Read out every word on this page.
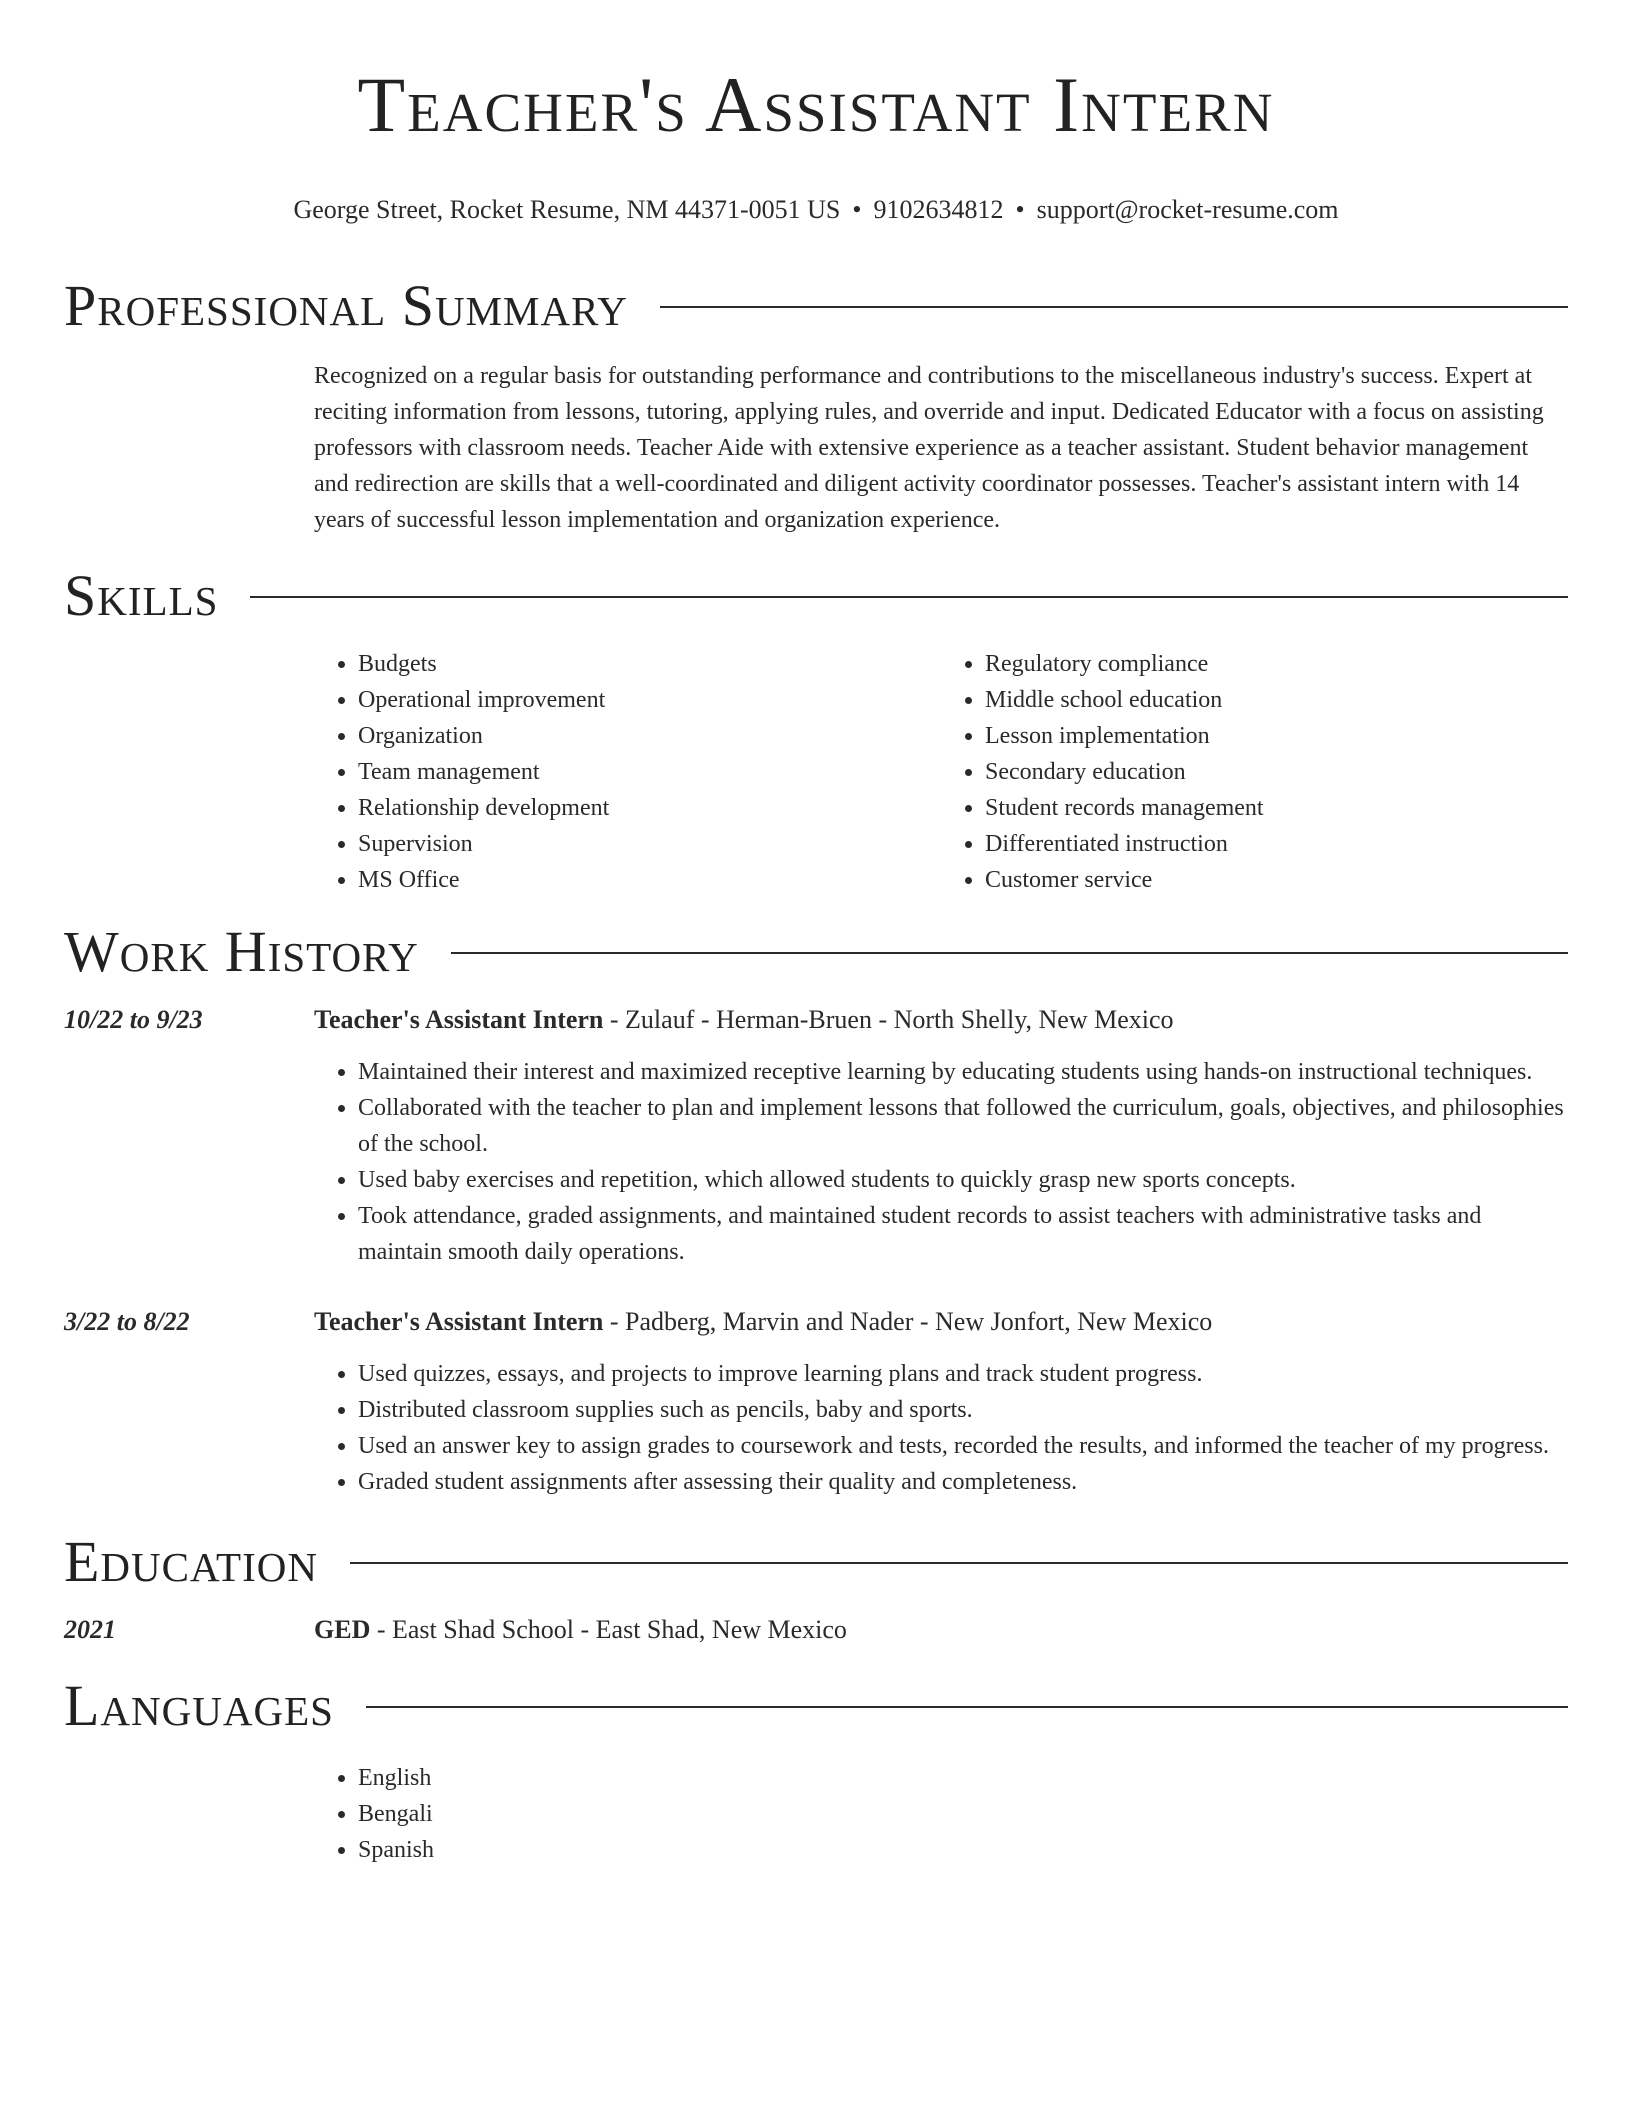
Teacher's Assistant Intern
George Street, Rocket Resume, NM 44371-0051 US • 9102634812 • support@rocket-resume.com
Professional Summary
Recognized on a regular basis for outstanding performance and contributions to the miscellaneous industry's success. Expert at reciting information from lessons, tutoring, applying rules, and override and input. Dedicated Educator with a focus on assisting professors with classroom needs. Teacher Aide with extensive experience as a teacher assistant. Student behavior management and redirection are skills that a well-coordinated and diligent activity coordinator possesses. Teacher's assistant intern with 14 years of successful lesson implementation and organization experience.
Skills
• Budgets
• Operational improvement
• Organization
• Team management
• Relationship development
• Supervision
• MS Office
• Regulatory compliance
• Middle school education
• Lesson implementation
• Secondary education
• Student records management
• Differentiated instruction
• Customer service
Work History
10/22 to 9/23	Teacher's Assistant Intern - Zulauf - Herman-Bruen - North Shelly, New Mexico
• Maintained their interest and maximized receptive learning by educating students using hands-on instructional techniques.
• Collaborated with the teacher to plan and implement lessons that followed the curriculum, goals, objectives, and philosophies of the school.
• Used baby exercises and repetition, which allowed students to quickly grasp new sports concepts.
• Took attendance, graded assignments, and maintained student records to assist teachers with administrative tasks and maintain smooth daily operations.
3/22 to 8/22	Teacher's Assistant Intern - Padberg, Marvin and Nader - New Jonfort, New Mexico
• Used quizzes, essays, and projects to improve learning plans and track student progress.
• Distributed classroom supplies such as pencils, baby and sports.
• Used an answer key to assign grades to coursework and tests, recorded the results, and informed the teacher of my progress.
• Graded student assignments after assessing their quality and completeness.
Education
2021	GED - East Shad School - East Shad, New Mexico
Languages
• English
• Bengali
• Spanish
